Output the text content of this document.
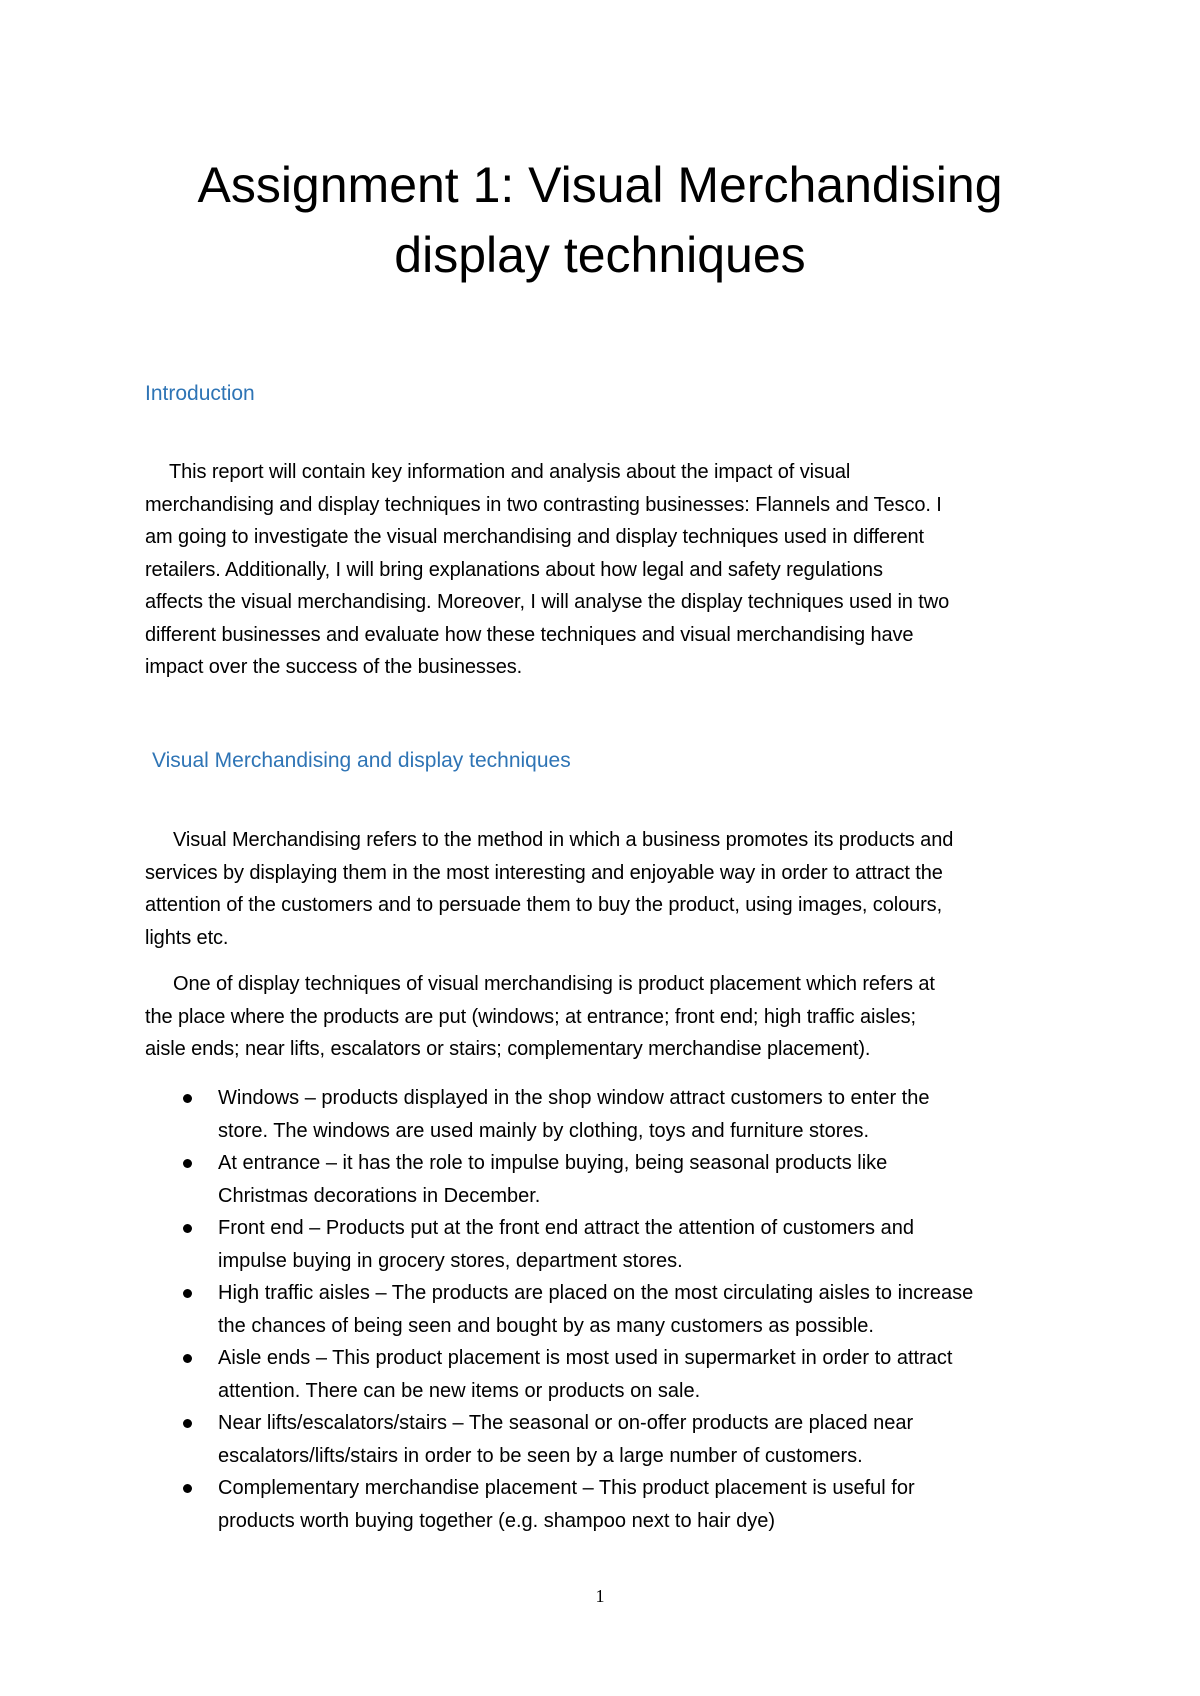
Assignment 1: Visual Merchandising
display techniques
Introduction

This report will contain key information and analysis about the impact of visual
merchandising and display techniques in two contrasting businesses: Flannels and Tesco. I
am going to investigate the visual merchandising and display techniques used in different
retailers. Additionally, I will bring explanations about how legal and safety regulations
affects the visual merchandising. Moreover, I will analyse the display techniques used in two
different businesses and evaluate how these techniques and visual merchandising have
impact over the success of the businesses.

Visual Merchandising and display techniques

Visual Merchandising refers to the method in which a business promotes its products and
services by displaying them in the most interesting and enjoyable way in order to attract the
attention of the customers and to persuade them to buy the product, using images, colours,
lights etc.

One of display techniques of visual merchandising is product placement which refers at
the place where the products are put (windows; at entrance; front end; high traffic aisles;
aisle ends; near lifts, escalators or stairs; complementary merchandise placement).

Windows – products displayed in the shop window attract customers to enter the
store. The windows are used mainly by clothing, toys and furniture stores.
At entrance – it has the role to impulse buying, being seasonal products like
Christmas decorations in December.
Front end – Products put at the front end attract the attention of customers and
impulse buying in grocery stores, department stores.
High traffic aisles – The products are placed on the most circulating aisles to increase
the chances of being seen and bought by as many customers as possible.
Aisle ends – This product placement is most used in supermarket in order to attract
attention. There can be new items or products on sale.
Near lifts/escalators/stairs – The seasonal or on-offer products are placed near
escalators/lifts/stairs in order to be seen by a large number of customers.
Complementary merchandise placement – This product placement is useful for
products worth buying together (e.g. shampoo next to hair dye)
1
